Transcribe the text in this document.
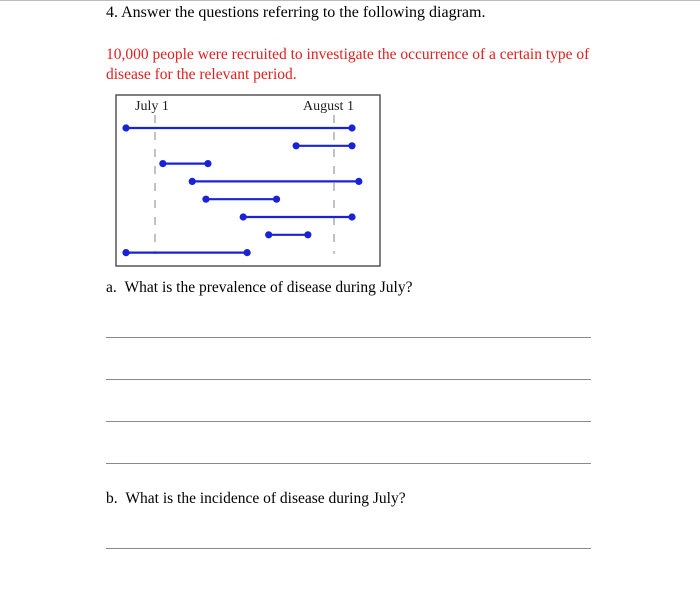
4. Answer the questions referring to the following diagram.
10,000 people were recruited to investigate the occurrence of a certain type of disease for the relevant period.
July 1	August 1
a. What is the prevalence of disease during July?
b. What is the incidence of disease during July?
